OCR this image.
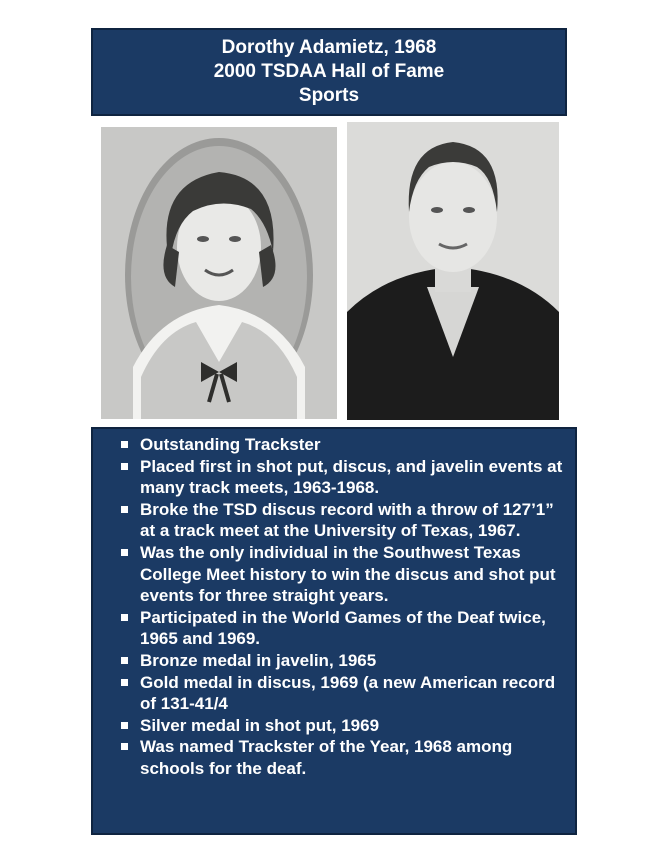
Dorothy Adamietz, 1968
2000 TSDAA Hall of Fame
Sports
Outstanding Trackster
Placed first in shot put, discus, and javelin events at many track meets, 1963-1968.
Broke the TSD discus record with a throw of 127’1” at a track meet at the University of Texas, 1967.
Was the only individual in the Southwest Texas College Meet history to win the discus and shot put events for three straight years.
Participated in the World Games of the Deaf twice, 1965 and 1969.
Bronze medal in javelin, 1965
Gold medal in discus, 1969 (a new American record of 131-41/4
Silver medal in shot put, 1969
Was named Trackster of the Year, 1968 among schools for the deaf.
